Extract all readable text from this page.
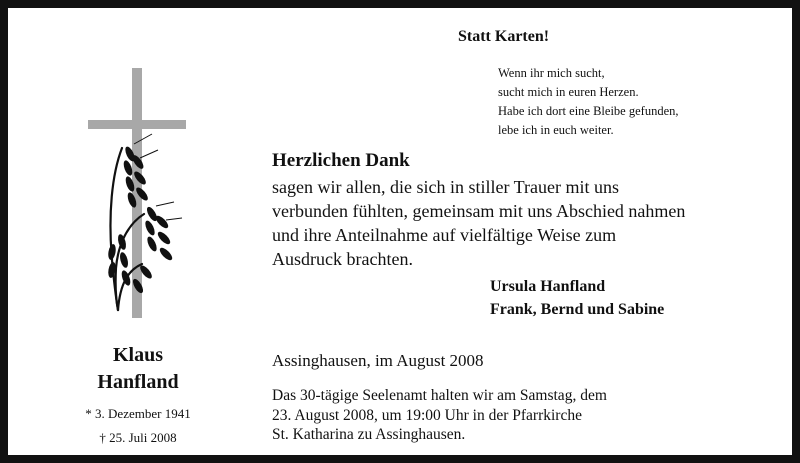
Klaus
Hanfland
* 3. Dezember 1941
† 25. Juli 2008
Statt Karten!
Wenn ihr mich sucht,
sucht mich in euren Herzen.
Habe ich dort eine Bleibe gefunden,
lebe ich in euch weiter.
Herzlichen Dank
sagen wir allen, die sich in stiller Trauer mit uns
verbunden fühlten, gemeinsam mit uns Abschied nahmen
und ihre Anteilnahme auf vielfältige Weise zum
Ausdruck brachten.
Ursula Hanfland
Frank, Bernd und Sabine
Assinghausen, im August 2008
Das 30-tägige Seelenamt halten wir am Samstag, dem
23. August 2008, um 19:00 Uhr in der Pfarrkirche
St. Katharina zu Assinghausen.
